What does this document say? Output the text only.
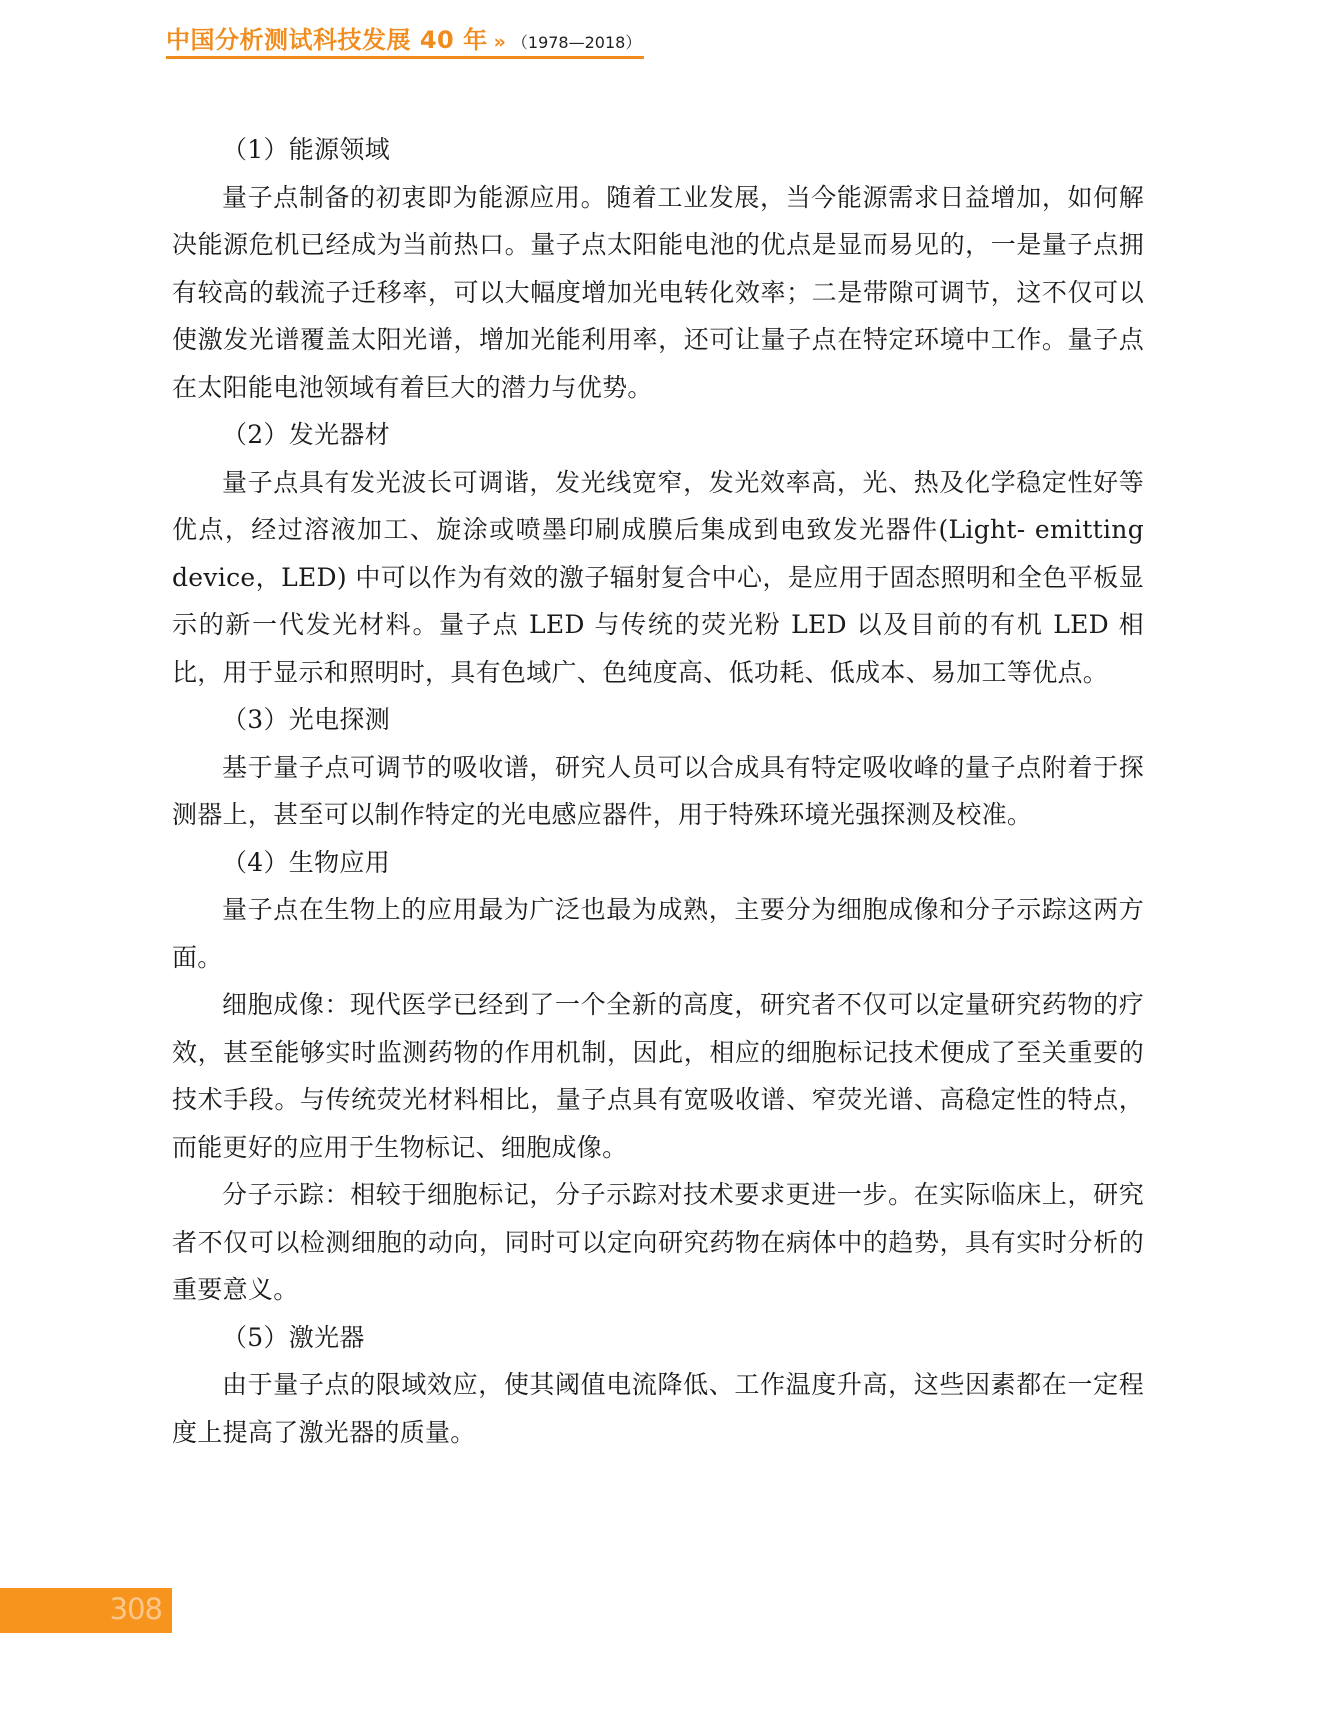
中国分析测试科技发展 40 年 » （1978—2018）

（1）能源领域

量子点制备的初衷即为能源应用。随着工业发展，当今能源需求日益增加，如何解决能源危机已经成为当前热口。量子点太阳能电池的优点是显而易见的，一是量子点拥有较高的载流子迁移率，可以大幅度增加光电转化效率；二是带隙可调节，这不仅可以使激发光谱覆盖太阳光谱，增加光能利用率，还可让量子点在特定环境中工作。量子点在太阳能电池领域有着巨大的潜力与优势。

（2）发光器材

量子点具有发光波长可调谐，发光线宽窄，发光效率高，光、热及化学稳定性好等优点，经过溶液加工、旋涂或喷墨印刷成膜后集成到电致发光器件(Light- emitting device，LED) 中可以作为有效的激子辐射复合中心，是应用于固态照明和全色平板显示的新一代发光材料。量子点 LED 与传统的荧光粉 LED 以及目前的有机 LED 相比，用于显示和照明时，具有色域广、色纯度高、低功耗、低成本、易加工等优点。

（3）光电探测

基于量子点可调节的吸收谱，研究人员可以合成具有特定吸收峰的量子点附着于探测器上，甚至可以制作特定的光电感应器件，用于特殊环境光强探测及校准。

（4）生物应用

量子点在生物上的应用最为广泛也最为成熟，主要分为细胞成像和分子示踪这两方面。

细胞成像：现代医学已经到了一个全新的高度，研究者不仅可以定量研究药物的疗效，甚至能够实时监测药物的作用机制，因此，相应的细胞标记技术便成了至关重要的技术手段。与传统荧光材料相比，量子点具有宽吸收谱、窄荧光谱、高稳定性的特点，而能更好的应用于生物标记、细胞成像。

分子示踪：相较于细胞标记，分子示踪对技术要求更进一步。在实际临床上，研究者不仅可以检测细胞的动向，同时可以定向研究药物在病体中的趋势，具有实时分析的重要意义。

（5）激光器

由于量子点的限域效应，使其阈值电流降低、工作温度升高，这些因素都在一定程度上提高了激光器的质量。

308
